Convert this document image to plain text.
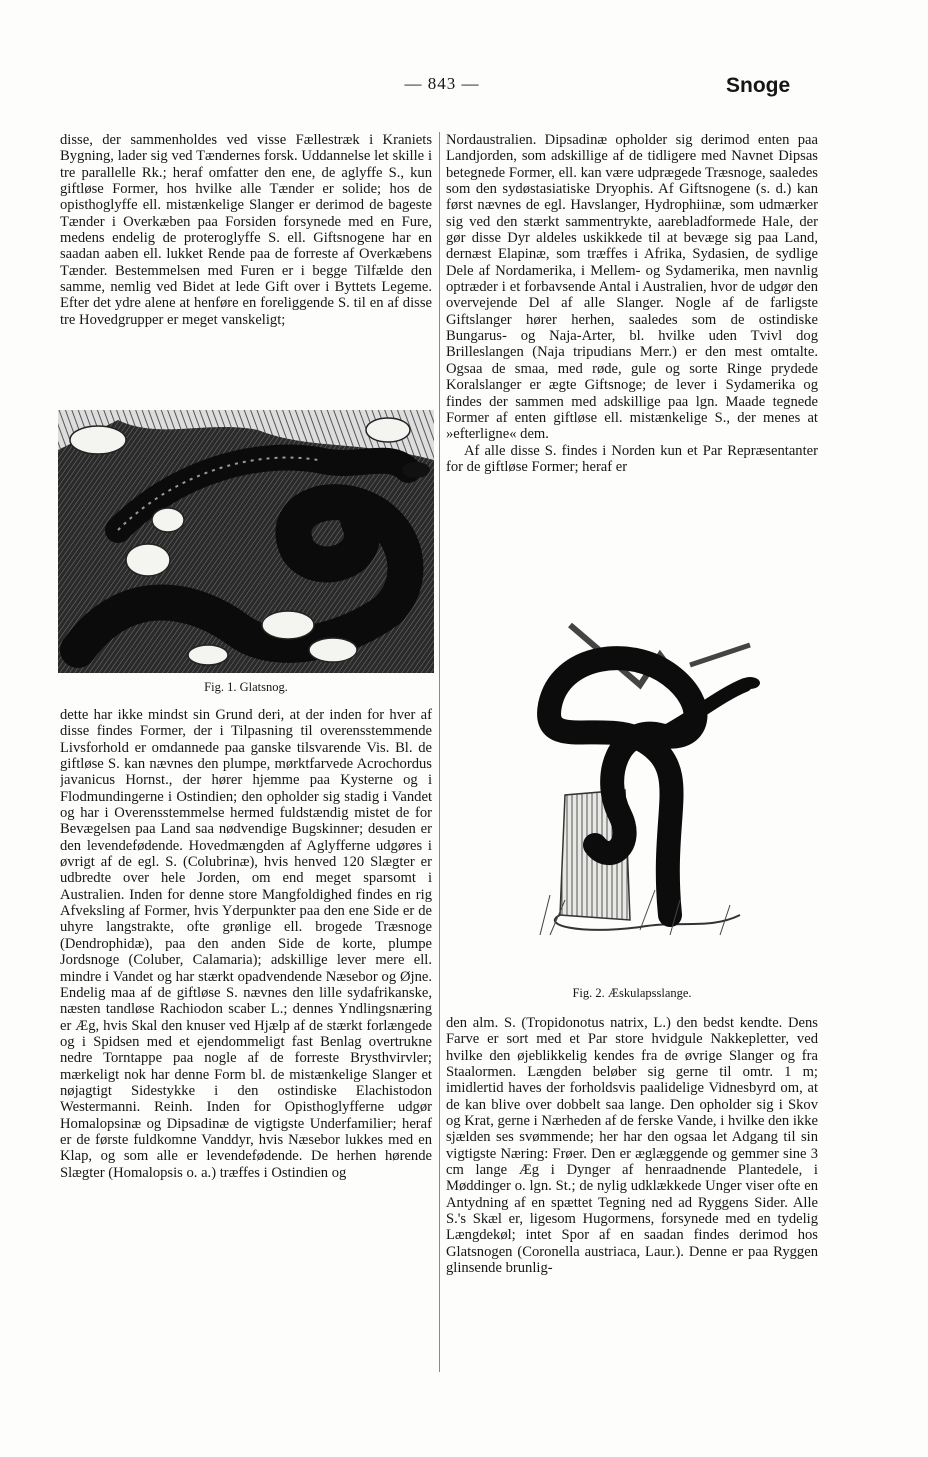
— 843 —	Snoge

disse, der sammenholdes ved visse Fællestræk i Kraniets Bygning, lader sig ved Tændernes forsk. Uddannelse let skille i tre parallelle Rk.; heraf omfatter den ene, de aglyffe S., kun giftløse Former, hos hvilke alle Tænder er solide; hos de opisthoglyffe ell. mistænkelige Slanger er derimod de bageste Tænder i Overkæben paa Forsiden forsynede med en Fure, medens endelig de proteroglyffe S. ell. Giftsnogene har en saadan aaben ell. lukket Rende paa de forreste af Overkæbens Tænder. Bestemmelsen med Furen er i begge Tilfælde den samme, nemlig ved Bidet at lede Gift over i Byttets Legeme. Efter det ydre alene at henføre en foreliggende S. til en af disse tre Hovedgrupper er meget vanskeligt;

Fig. 1. Glatsnog.

dette har ikke mindst sin Grund deri, at der inden for hver af disse findes Former, der i Tilpasning til overensstemmende Livsforhold er omdannede paa ganske tilsvarende Vis. Bl. de giftløse S. kan nævnes den plumpe, mørktfarvede Acrochordus javanicus Hornst., der hører hjemme paa Kysterne og i Flodmundingerne i Ostindien; den opholder sig stadig i Vandet og har i Overensstemmelse hermed fuldstændig mistet de for Bevægelsen paa Land saa nødvendige Bugskinner; desuden er den levendefødende. Hovedmængden af Aglyfferne udgøres i øvrigt af de egl. S. (Colubrinæ), hvis henved 120 Slægter er udbredte over hele Jorden, om end meget sparsomt i Australien. Inden for denne store Mangfoldighed findes en rig Afveksling af Former, hvis Yderpunkter paa den ene Side er de uhyre langstrakte, ofte grønlige ell. brogede Træsnoge (Dendrophidæ), paa den anden Side de korte, plumpe Jordsnoge (Coluber, Calamaria); adskillige lever mere ell. mindre i Vandet og har stærkt opadvendende Næsebor og Øjne. Endelig maa af de giftløse S. nævnes den lille sydafrikanske, næsten tandløse Rachiodon scaber L.; dennes Yndlingsnæring er Æg, hvis Skal den knuser ved Hjælp af de stærkt forlængede og i Spidsen med et ejendommeligt fast Benlag overtrukne nedre Torntappe paa nogle af de forreste Brysthvirvler; mærkeligt nok har denne Form bl. de mistænkelige Slanger et nøjagtigt Sidestykke i den ostindiske Elachistodon Westermanni. Reinh. Inden for Opisthoglyfferne udgør Homalopsinæ og Dipsadinæ de vigtigste Underfamilier; heraf er de første fuldkomne Vanddyr, hvis Næsebor lukkes med en Klap, og som alle er levendefødende. De herhen hørende Slægter (Homalopsis o. a.) træffes i Ostindien og

Nordaustralien. Dipsadinæ opholder sig derimod enten paa Landjorden, som adskillige af de tidligere med Navnet Dipsas betegnede Former, ell. kan være udprægede Træsnoge, saaledes som den sydøstasiatiske Dryophis. Af Giftsnogene (s. d.) kan først nævnes de egl. Havslanger, Hydrophiinæ, som udmærker sig ved den stærkt sammentrykte, aarebladformede Hale, der gør disse Dyr aldeles uskikkede til at bevæge sig paa Land, dernæst Elapinæ, som træffes i Afrika, Sydasien, de sydlige Dele af Nordamerika, i Mellem- og Sydamerika, men navnlig optræder i et forbavsende Antal i Australien, hvor de udgør den overvejende Del af alle Slanger. Nogle af de farligste Giftslanger hører herhen, saaledes som de ostindiske Bungarus- og Naja-Arter, bl. hvilke uden Tvivl dog Brilleslangen (Naja tripudians Merr.) er den mest omtalte. Ogsaa de smaa, med røde, gule og sorte Ringe prydede Koralslanger er ægte Giftsnoge; de lever i Sydamerika og findes der sammen med adskillige paa lgn. Maade tegnede Former af enten giftløse ell. mistænkelige S., der menes at »efterligne« dem.

Af alle disse S. findes i Norden kun et Par Repræsentanter for de giftløse Former; heraf er

Fig. 2. Æskulapsslange.

den alm. S. (Tropidonotus natrix, L.) den bedst kendte. Dens Farve er sort med et Par store hvidgule Nakkepletter, ved hvilke den øjeblikkelig kendes fra de øvrige Slanger og fra Staalormen. Længden beløber sig gerne til omtr. 1 m; imidlertid haves der forholdsvis paalidelige Vidnesbyrd om, at de kan blive over dobbelt saa lange. Den opholder sig i Skov og Krat, gerne i Nærheden af de ferske Vande, i hvilke den ikke sjælden ses svømmende; her har den ogsaa let Adgang til sin vigtigste Næring: Frøer. Den er æglæggende og gemmer sine 3 cm lange Æg i Dynger af henraadnende Plantedele, i Møddinger o. lgn. St.; de nylig udklækkede Unger viser ofte en Antydning af en spættet Tegning ned ad Ryggens Sider. Alle S.'s Skæl er, ligesom Hugormens, forsynede med en tydelig Længdekøl; intet Spor af en saadan findes derimod hos Glatsnogen (Coronella austriaca, Laur.). Denne er paa Ryggen glinsende brunlig-
